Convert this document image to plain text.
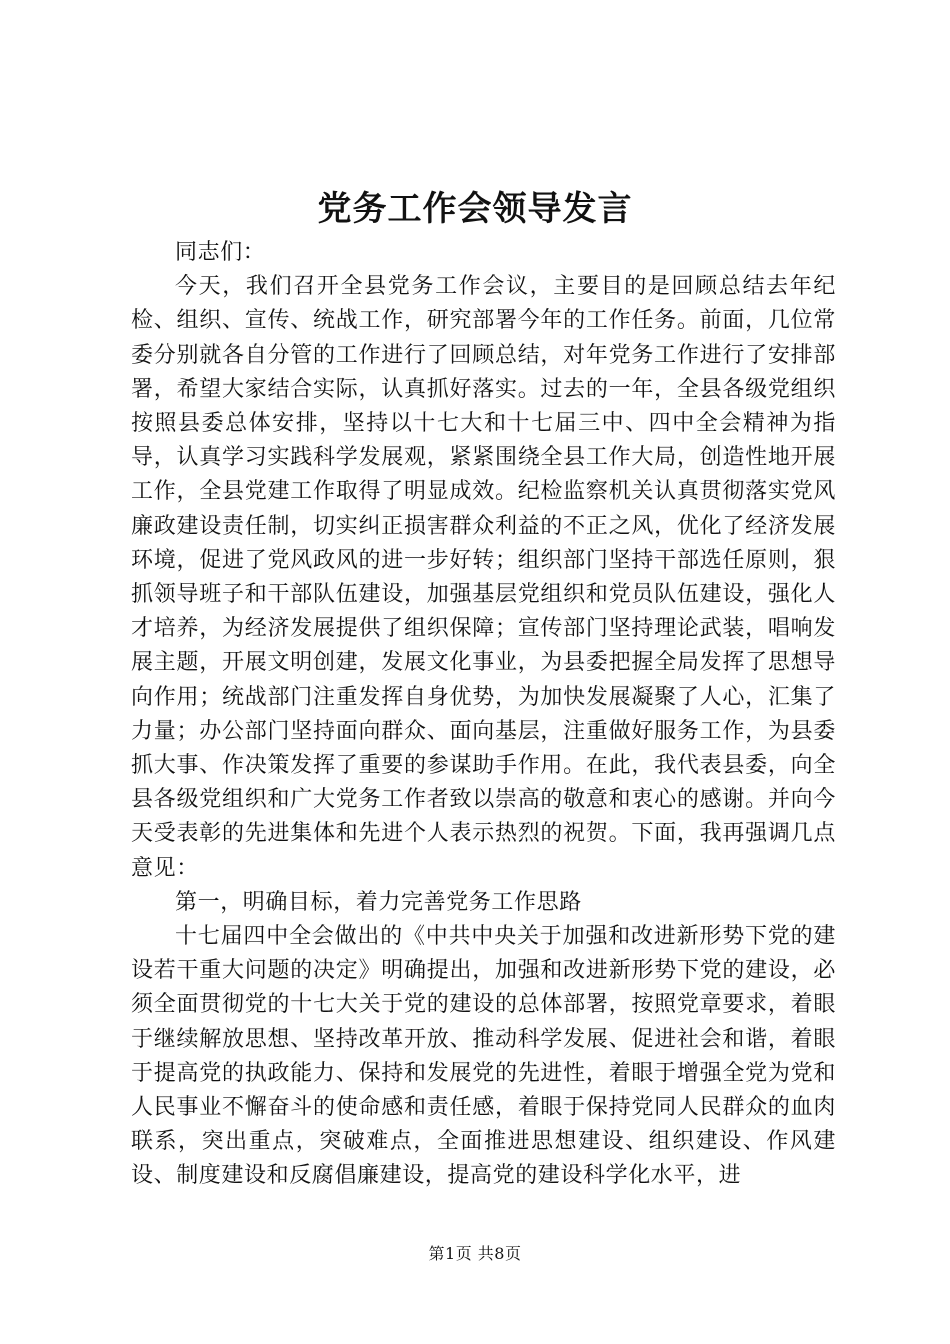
党务工作会领导发言

同志们：

今天，我们召开全县党务工作会议，主要目的是回顾总结去年纪检、组织、宣传、统战工作，研究部署今年的工作任务。前面，几位常委分别就各自分管的工作进行了回顾总结，对年党务工作进行了安排部署，希望大家结合实际，认真抓好落实。过去的一年，全县各级党组织按照县委总体安排，坚持以十七大和十七届三中、四中全会精神为指导，认真学习实践科学发展观，紧紧围绕全县工作大局，创造性地开展工作，全县党建工作取得了明显成效。纪检监察机关认真贯彻落实党风廉政建设责任制，切实纠正损害群众利益的不正之风，优化了经济发展环境，促进了党风政风的进一步好转；组织部门坚持干部选任原则，狠抓领导班子和干部队伍建设，加强基层党组织和党员队伍建设，强化人才培养，为经济发展提供了组织保障；宣传部门坚持理论武装，唱响发展主题，开展文明创建，发展文化事业，为县委把握全局发挥了思想导向作用；统战部门注重发挥自身优势，为加快发展凝聚了人心，汇集了力量；办公部门坚持面向群众、面向基层，注重做好服务工作，为县委抓大事、作决策发挥了重要的参谋助手作用。在此，我代表县委，向全县各级党组织和广大党务工作者致以崇高的敬意和衷心的感谢。并向今天受表彰的先进集体和先进个人表示热烈的祝贺。下面，我再强调几点意见：

第一，明确目标，着力完善党务工作思路

十七届四中全会做出的《中共中央关于加强和改进新形势下党的建设若干重大问题的决定》明确提出，加强和改进新形势下党的建设，必须全面贯彻党的十七大关于党的建设的总体部署，按照党章要求，着眼于继续解放思想、坚持改革开放、推动科学发展、促进社会和谐，着眼于提高党的执政能力、保持和发展党的先进性，着眼于增强全党为党和人民事业不懈奋斗的使命感和责任感，着眼于保持党同人民群众的血肉联系，突出重点，突破难点，全面推进思想建设、组织建设、作风建设、制度建设和反腐倡廉建设，提高党的建设科学化水平，进

第1页 共8页
